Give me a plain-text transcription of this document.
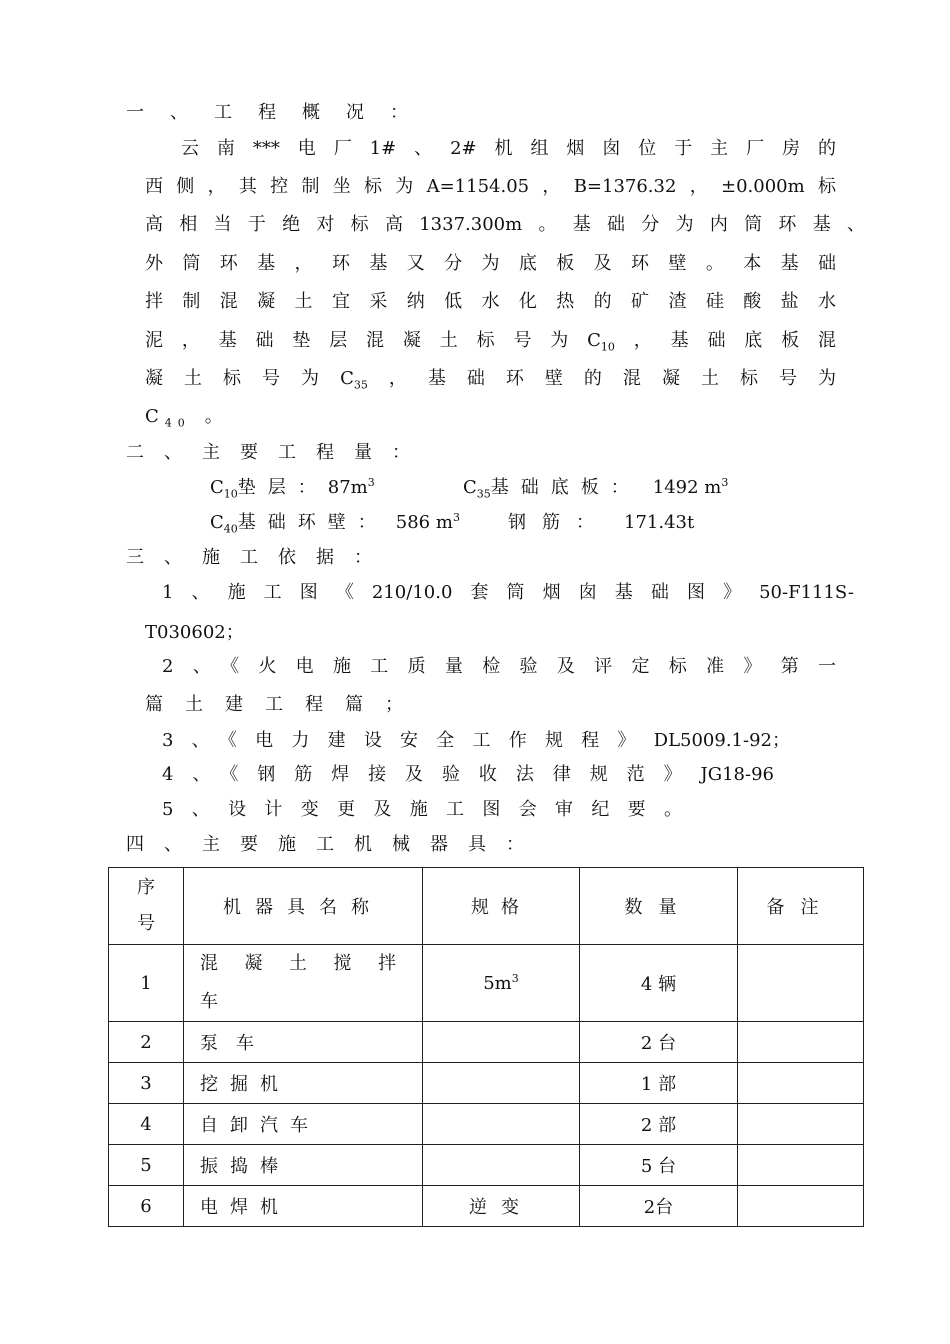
一、工程概况：
云南***电厂1#、2#机组烟囱位于主厂房的
西侧，其控制坐标为A=1154.05，B=1376.32，±0.000m标
高相当于绝对标高1337.300m。基础分为内筒环基、
外筒环基，环基又分为底板及环壁。本基础
拌制混凝土宜采纳低水化热的矿渣硅酸盐水
泥，基础垫层混凝土标号为$C_{10}$，基础底板混
凝土标号为$C_{35}$，基础环壁的混凝土标号为
$C_{40}$ 。
二、主要工程量：
$C_{10}$垫层：$87m^3$	$C_{35}$基础底板： 1492 $m^3$
$C_{40}$基础环壁： 586 $m^3$	钢筋： 171.43t
三、施工依据：
1、施工图《210/10.0套筒烟囱基础图》50-F111S-
T030602；
2、《火电施工质量检验及评定标准》第一
篇土建工程篇；
3、《电力建设安全工作规程》DL5009.1-92；
4、《钢筋焊接及验收法律规范》JG18-96
5、设计变更及施工图会审纪要。
四、主要施工机械器具：
序
号	机器具名称	规格	数量	备注
1	混凝土搅拌
车	$5m^3$	4 辆	
2	泵车		2 台	
3	挖掘机		1 部	
4	自卸汽车		2 部	
5	振捣棒		5 台	
6	电焊机	逆变	2台	
